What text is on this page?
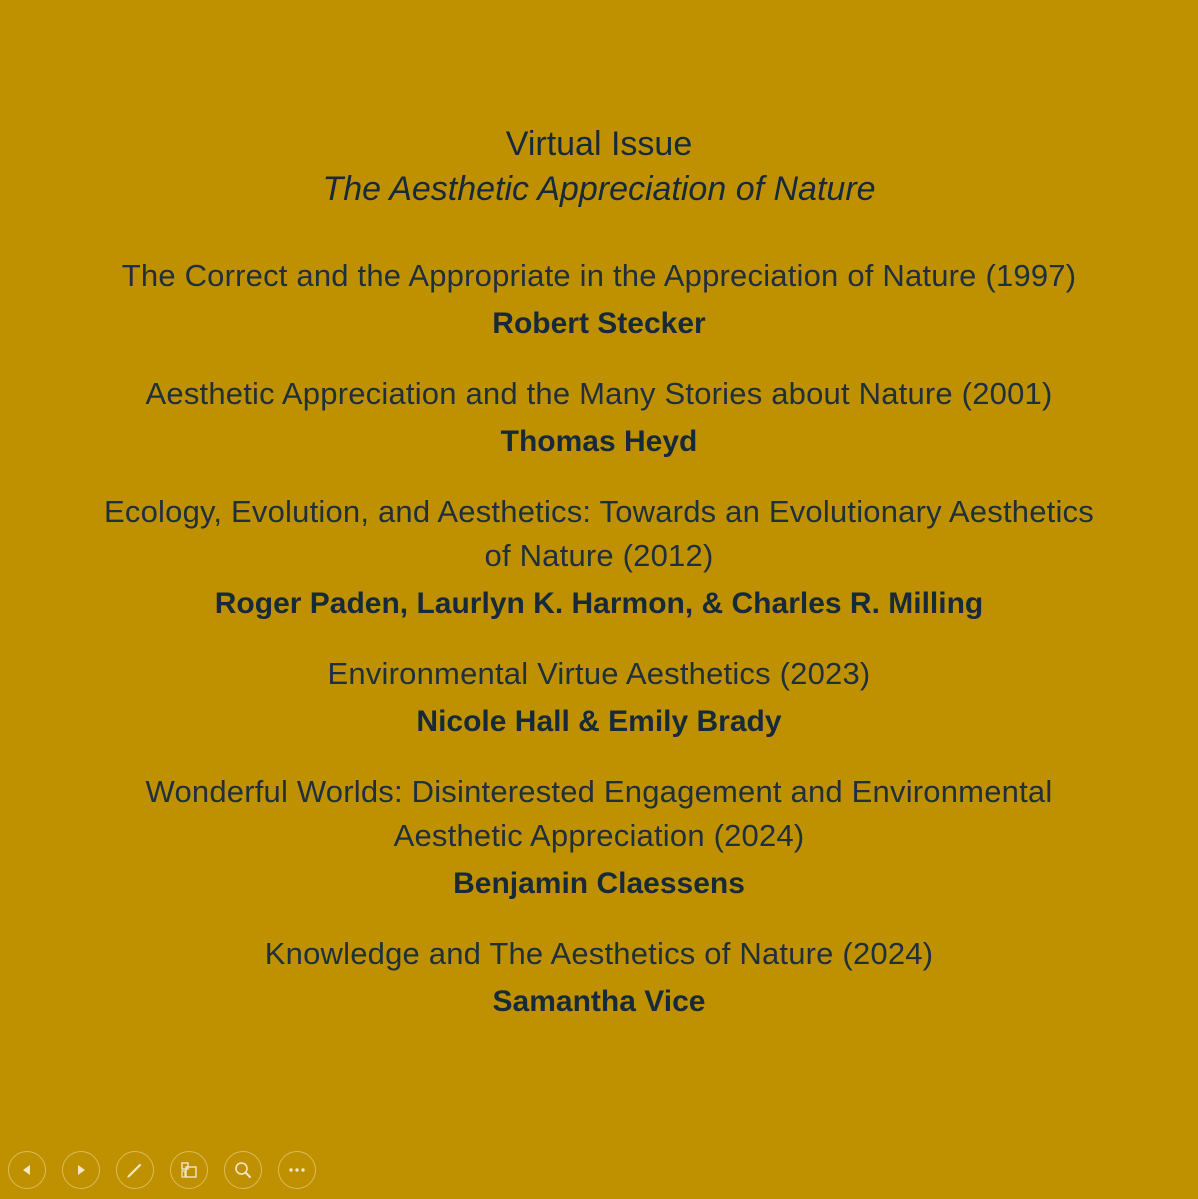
Virtual Issue
The Aesthetic Appreciation of Nature
The Correct and the Appropriate in the Appreciation of Nature (1997)
Robert Stecker
Aesthetic Appreciation and the Many Stories about Nature (2001)
Thomas Heyd
Ecology, Evolution, and Aesthetics: Towards an Evolutionary Aesthetics of Nature (2012)
Roger Paden, Laurlyn K. Harmon, & Charles R. Milling
Environmental Virtue Aesthetics (2023)
Nicole Hall & Emily Brady
Wonderful Worlds: Disinterested Engagement and Environmental Aesthetic Appreciation (2024)
Benjamin Claessens
Knowledge and The Aesthetics of Nature (2024)
Samantha Vice
